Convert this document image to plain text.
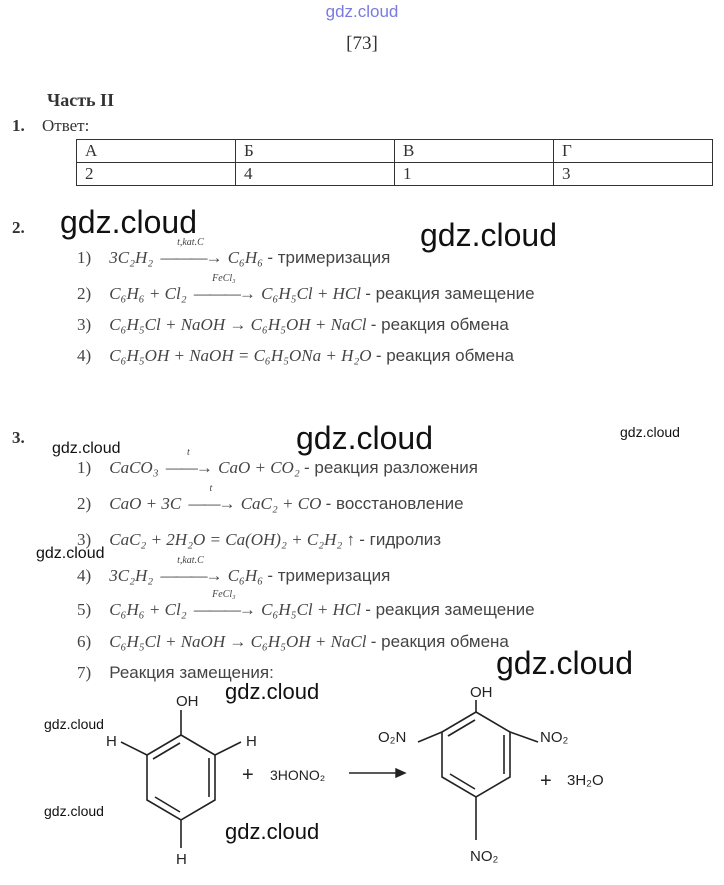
gdz.cloud
[73]
Часть II
1. Ответ:
А	Б	В	Г
2	4	1	3
2.
1) 3C₂H₂
t,kat.C
———→ C₆H₆ - тримеризация
2) C₆H₆ + Cl₂
FeCl₃
———→ C₆H₅Cl + HCl - реакция замещение
3) C₆H₅Cl + NaOH → C₆H₅OH + NaCl - реакция обмена
4) C₆H₅OH + NaOH = C₆H₅ONa + H₂O - реакция обмена
3.
1) CaCO₃
t
——→ CaO + CO₂ - реакция разложения
2) CaO + 3C
t
——→ CaC₂ + CO - восстановление
3) CaC₂ + 2H₂O = Ca(OH)₂ + C₂H₂ ↑ - гидролиз
4) 3C₂H₂
t,kat.C
———→ C₆H₆ - тримеризация
5) C₆H₆ + Cl₂
FeCl₃
———→ C₆H₅Cl + HCl - реакция замещение
6) C₆H₅Cl + NaOH → C₆H₅OH + NaCl - реакция обмена
7) Реакция замещения:
OH
H	H
H
+ 3HONO₂
OH
O₂N	NO₂
NO₂
+ 3H₂O
gdz.cloud	gdz.cloud
gdz.cloud	gdz.cloud
gdz.cloud
gdz.cloud
gdz.cloud
gdz.cloud
gdz.cloud
gdz.cloud
gdz.cloud
